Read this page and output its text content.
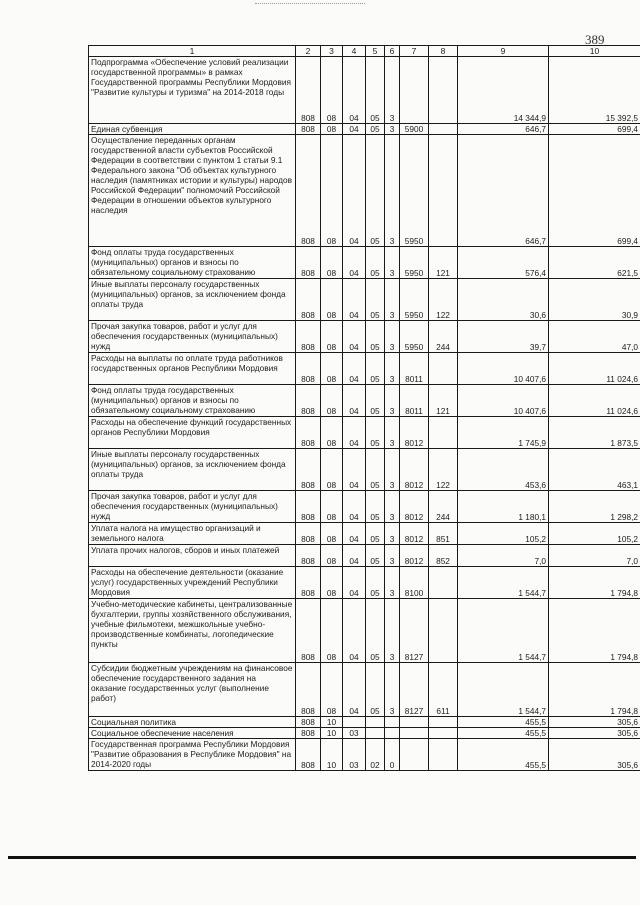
389
1	2	3	4	5	6	7	8	9	10
Подпрограмма «Обеспечение условий реализации государственной программы» в рамках Государственной программы Республики Мордовия "Развитие культуры и туризма" на 2014-2018 годы	808	08	04	05	3			14 344,9	15 392,5
Единая субвенция	808	08	04	05	3	5900		646,7	699,4
Осуществление переданных органам государственной власти субъектов Российской Федерации в соответствии с пунктом 1 статьи 9.1 Федерального закона "Об объектах культурного наследия (памятниках истории и культуры) народов Российской Федерации" полномочий Российской Федерации в отношении объектов культурного наследия	808	08	04	05	3	5950		646,7	699,4
Фонд оплаты труда государственных (муниципальных) органов и взносы по обязательному социальному страхованию	808	08	04	05	3	5950	121	576,4	621,5
Иные выплаты персоналу государственных (муниципальных) органов, за исключением фонда оплаты труда	808	08	04	05	3	5950	122	30,6	30,9
Прочая закупка товаров, работ и услуг для обеспечения государственных (муниципальных) нужд	808	08	04	05	3	5950	244	39,7	47,0
Расходы на выплаты по оплате труда работников государственных органов Республики Мордовия	808	08	04	05	3	8011		10 407,6	11 024,6
Фонд оплаты труда государственных (муниципальных) органов и взносы по обязательному социальному страхованию	808	08	04	05	3	8011	121	10 407,6	11 024,6
Расходы на обеспечение функций государственных органов Республики Мордовия	808	08	04	05	3	8012		1 745,9	1 873,5
Иные выплаты персоналу государственных (муниципальных) органов, за исключением фонда оплаты труда	808	08	04	05	3	8012	122	453,6	463,1
Прочая закупка товаров, работ и услуг для обеспечения государственных (муниципальных) нужд	808	08	04	05	3	8012	244	1 180,1	1 298,2
Уплата налога на имущество организаций и земельного налога	808	08	04	05	3	8012	851	105,2	105,2
Уплата прочих налогов, сборов и иных платежей	808	08	04	05	3	8012	852	7,0	7,0
Расходы на обеспечение деятельности (оказание услуг) государственных учреждений Республики Мордовия	808	08	04	05	3	8100		1 544,7	1 794,8
Учебно-методические кабинеты, централизованные бухгалтерии, группы хозяйственного обслуживания, учебные фильмотеки, межшкольные учебно-производственные комбинаты, логопедические пункты	808	08	04	05	3	8127		1 544,7	1 794,8
Субсидии бюджетным учреждениям на финансовое обеспечение государственного задания на оказание государственных услуг (выполнение работ)	808	08	04	05	3	8127	611	1 544,7	1 794,8
Социальная политика	808	10						455,5	305,6
Социальное обеспечение населения	808	10	03					455,5	305,6
Государственная программа Республики Мордовия "Развитие образования в Республике Мордовия" на 2014-2020 годы	808	10	03	02	0			455,5	305,6
